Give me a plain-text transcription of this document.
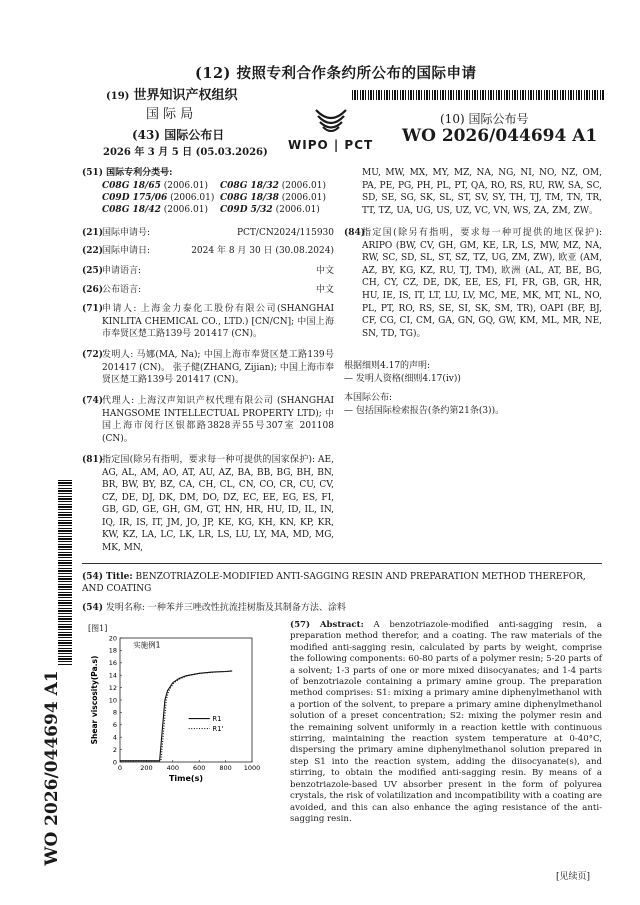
(12) 按照专利合作条约所公布的国际申请
(19) 世界知识产权组织
国 际 局
(43) 国际公布日
2026 年 3 月 5 日 (05.03.2026)
WIPO | PCT
(10) 国际公布号
WO 2026/044694 A1
WO 2026/044694 A1
(51) 国际专利分类号:
C08G 18/65 (2006.01) C08G 18/32 (2006.01)
C09D 175/06 (2006.01) C08G 18/38 (2006.01)
C08G 18/42 (2006.01) C09D 5/32 (2006.01)
(21)国际申请号:	PCT/CN2024/115930
(22)国际申请日:	2024 年 8 月 30 日 (30.08.2024)
(25)申请语言:	中文
(26)公布语言:	中文
(71)
申请人: 上海金力泰化工股份有限公司(SHANGHAI KINLITA CHEMICAL CO., LTD.) [CN/CN]; 中国上海市奉贤区楚工路139号 201417 (CN)。
(72)
发明人: 马娜(MA, Na); 中国上海市奉贤区楚工路139号 201417 (CN)。 张子健(ZHANG, Zijian); 中国上海市奉贤区楚工路139号 201417 (CN)。
(74)
代理人: 上海汉声知识产权代理有限公司 (SHANGHAI HANGSOME INTELLECTUAL PROPERTY LTD); 中国上海市闵行区银都路3828弄55号307室 201108 (CN)。
(81)
指定国(除另有指明，要求每一种可提供的国家保护): AE, AG, AL, AM, AO, AT, AU, AZ, BA, BB, BG, BH, BN, BR, BW, BY, BZ, CA, CH, CL, CN, CO, CR, CU, CV, CZ, DE, DJ, DK, DM, DO, DZ, EC, EE, EG, ES, FI, GB, GD, GE, GH, GM, GT, HN, HR, HU, ID, IL, IN, IQ, IR, IS, IT, JM, JO, JP, KE, KG, KH, KN, KP, KR, KW, KZ, LA, LC, LK, LR, LS, LU, LY, MA, MD, MG, MK, MN,
MU, MW, MX, MY, MZ, NA, NG, NI, NO, NZ, OM, PA, PE, PG, PH, PL, PT, QA, RO, RS, RU, RW, SA, SC, SD, SE, SG, SK, SL, ST, SV, SY, TH, TJ, TM, TN, TR, TT, TZ, UA, UG, US, UZ, VC, VN, WS, ZA, ZM, ZW。
(84)
指定国(除另有指明，要求每一种可提供的地区保护): ARIPO (BW, CV, GH, GM, KE, LR, LS, MW, MZ, NA, RW, SC, SD, SL, ST, SZ, TZ, UG, ZM, ZW), 欧亚 (AM, AZ, BY, KG, KZ, RU, TJ, TM), 欧洲 (AL, AT, BE, BG, CH, CY, CZ, DE, DK, EE, ES, FI, FR, GB, GR, HR, HU, IE, IS, IT, LT, LU, LV, MC, ME, MK, MT, NL, NO, PL, PT, RO, RS, SE, SI, SK, SM, TR), OAPI (BF, BJ, CF, CG, CI, CM, GA, GN, GQ, GW, KM, ML, MR, NE, SN, TD, TG)。
根据细则4.17的声明:
— 发明人资格(细则4.17(iv))
本国际公布:
— 包括国际检索报告(条约第21条(3))。
(54) Title: BENZOTRIAZOLE-MODIFIED ANTI-SAGGING RESIN AND PREPARATION METHOD THEREFOR, AND COATING
(54) 发明名称: 一种苯并三唑改性抗流挂树脂及其制备方法、涂料
[图1]
0
2
4
6
8
10
12
14
16
18
20
0	200 400 600 800 1000
Time(s)
Shear viscosity(Pa.s)
实施例1
R1
R1'
(57) Abstract: A benzotriazole-modified anti-sagging resin, a preparation method therefor, and a coating. The raw materials of the modified anti-sagging resin, calculated by parts by weight, comprise the following components: 60-80 parts of a polymer resin; 5-20 parts of a solvent; 1-3 parts of one or more mixed diisocyanates; and 1-4 parts of benzotriazole containing a primary amine group. The preparation method comprises: S1: mixing a primary amine diphenylmethanol with a portion of the solvent, to prepare a primary amine diphenylmethanol solution of a preset concentration; S2: mixing the polymer resin and the remaining solvent uniformly in a reaction kettle with continuous stirring, maintaining the reaction system temperature at 0-40°C, dispersing the primary amine diphenylmethanol solution prepared in step S1 into the reaction system, adding the diisocyanate(s), and stirring, to obtain the modified anti-sagging resin. By means of a benzotriazole-based UV absorber present in the form of polyurea crystals, the risk of volatilization and incompatibility with a coating are avoided, and this can also enhance the aging resistance of the anti-sagging resin.
[见续页]
